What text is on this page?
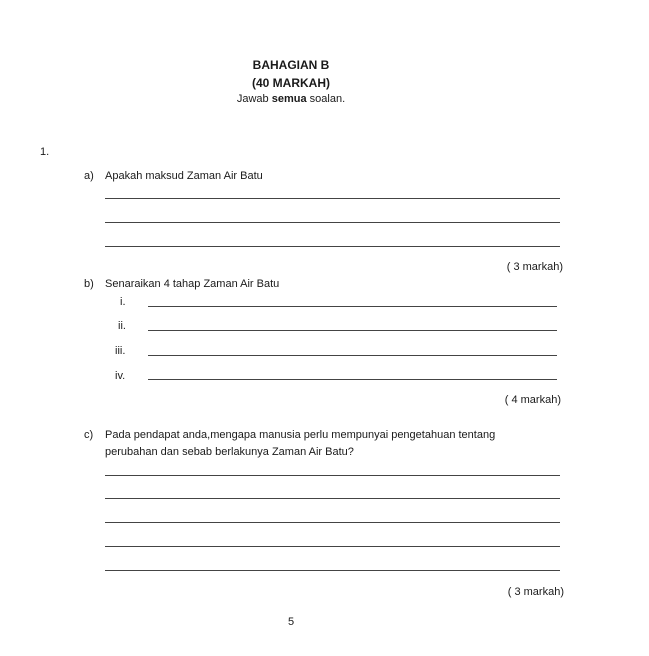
BAHAGIAN B
(40 MARKAH)
Jawab semua soalan.
1.
a) Apakah maksud Zaman Air Batu
( 3 markah)
b) Senaraikan 4 tahap Zaman Air Batu
i.
ii.
iii.
iv.
( 4 markah)
c) Pada pendapat anda,mengapa manusia perlu mempunyai pengetahuan tentang
perubahan dan sebab berlakunya Zaman Air Batu?
( 3 markah)
5
